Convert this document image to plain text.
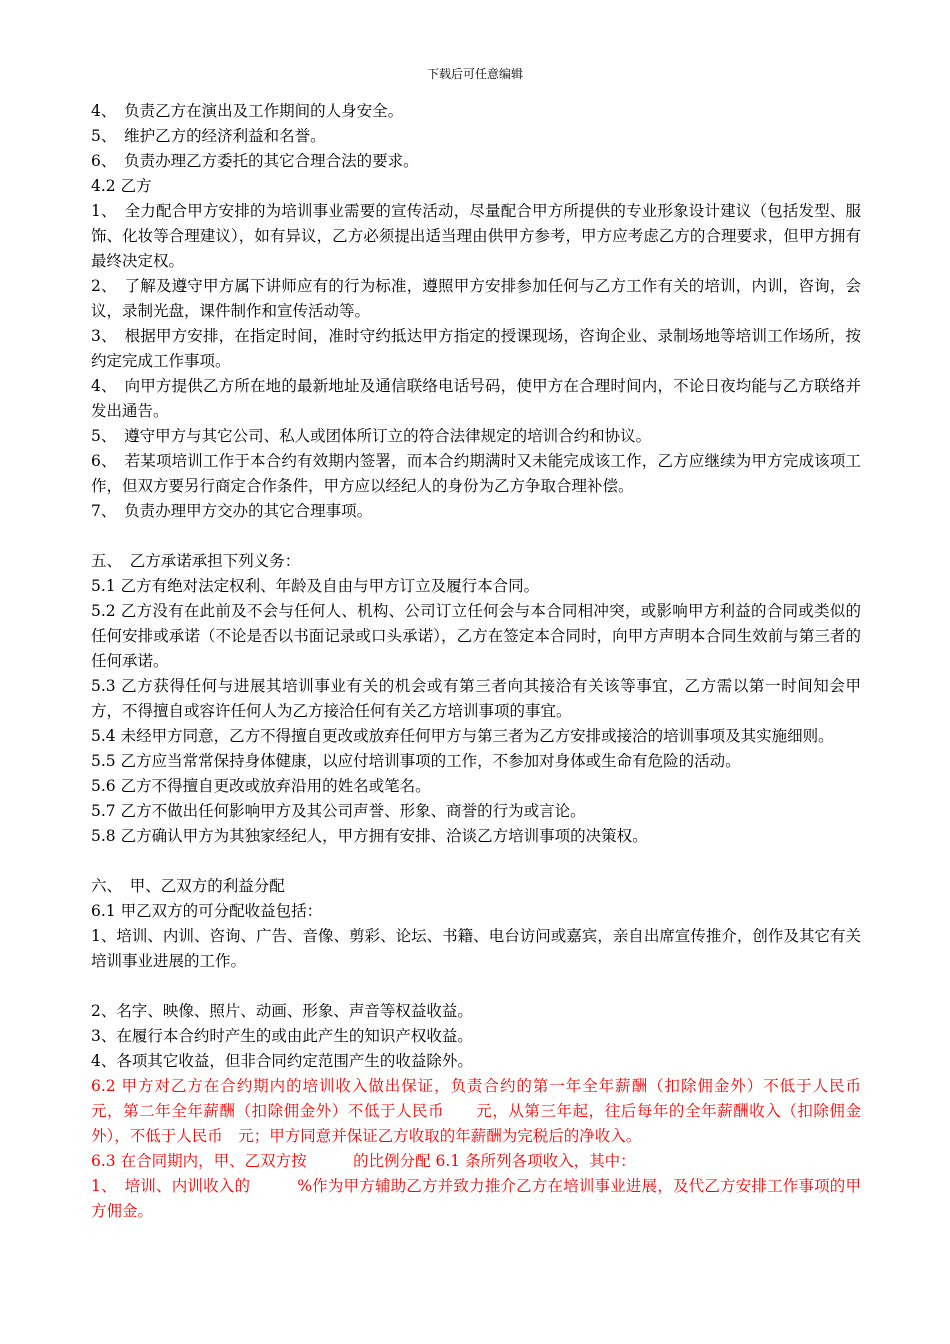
下载后可任意编辑

4、　负责乙方在演出及工作期间的人身安全。

5、　维护乙方的经济利益和名誉。

6、　负责办理乙方委托的其它合理合法的要求。

4.2 乙方

1、　全力配合甲方安排的为培训事业需要的宣传活动，尽量配合甲方所提供的专业形象设计建议（包括发型、服饰、化妆等合理建议），如有异议，乙方必须提出适当理由供甲方参考，甲方应考虑乙方的合理要求，但甲方拥有最终决定权。

2、　了解及遵守甲方属下讲师应有的行为标准，遵照甲方安排参加任何与乙方工作有关的培训，内训，咨询，会议，录制光盘，课件制作和宣传活动等。

3、　根据甲方安排，在指定时间，准时守约抵达甲方指定的授课现场，咨询企业、录制场地等培训工作场所，按约定完成工作事项。

4、　向甲方提供乙方所在地的最新地址及通信联络电话号码，使甲方在合理时间内，不论日夜均能与乙方联络并发出通告。

5、　遵守甲方与其它公司、私人或团体所订立的符合法律规定的培训合约和协议。

6、　若某项培训工作于本合约有效期内签署，而本合约期满时又未能完成该工作，乙方应继续为甲方完成该项工作，但双方要另行商定合作条件，甲方应以经纪人的身份为乙方争取合理补偿。

7、　负责办理甲方交办的其它合理事项。

五、　乙方承诺承担下列义务：

5.1 乙方有绝对法定权利、年龄及自由与甲方订立及履行本合同。

5.2 乙方没有在此前及不会与任何人、机构、公司订立任何会与本合同相冲突，或影响甲方利益的合同或类似的任何安排或承诺（不论是否以书面记录或口头承诺），乙方在签定本合同时，向甲方声明本合同生效前与第三者的任何承诺。

5.3 乙方获得任何与进展其培训事业有关的机会或有第三者向其接洽有关该等事宜，乙方需以第一时间知会甲方，不得擅自或容许任何人为乙方接洽任何有关乙方培训事项的事宜。

5.4 未经甲方同意，乙方不得擅自更改或放弃任何甲方与第三者为乙方安排或接洽的培训事项及其实施细则。

5.5 乙方应当常常保持身体健康，以应付培训事项的工作，不参加对身体或生命有危险的活动。

5.6 乙方不得擅自更改或放弃沿用的姓名或笔名。

5.7 乙方不做出任何影响甲方及其公司声誉、形象、商誉的行为或言论。

5.8 乙方确认甲方为其独家经纪人，甲方拥有安排、洽谈乙方培训事项的决策权。

六、　甲、乙双方的利益分配

6.1 甲乙双方的可分配收益包括：

1、培训、内训、咨询、广告、音像、剪彩、论坛、书籍、电台访问或嘉宾，亲自出席宣传推介，创作及其它有关培训事业进展的工作。

2、名字、映像、照片、动画、形象、声音等权益收益。

3、在履行本合约时产生的或由此产生的知识产权收益。

4、各项其它收益，但非合同约定范围产生的收益除外。

6.2 甲方对乙方在合约期内的培训收入做出保证，负责合约的第一年全年薪酬（扣除佣金外）不低于人民币　元，第二年全年薪酬（扣除佣金外）不低于人民币　　元，从第三年起，往后每年的全年薪酬收入（扣除佣金外），不低于人民币　元；甲方同意并保证乙方收取的年薪酬为完税后的净收入。

6.3 在合同期内，甲、乙双方按　　　的比例分配 6.1 条所列各项收入，其中：

1、　培训、内训收入的　　　%作为甲方辅助乙方并致力推介乙方在培训事业进展，及代乙方安排工作事项的甲方佣金。
